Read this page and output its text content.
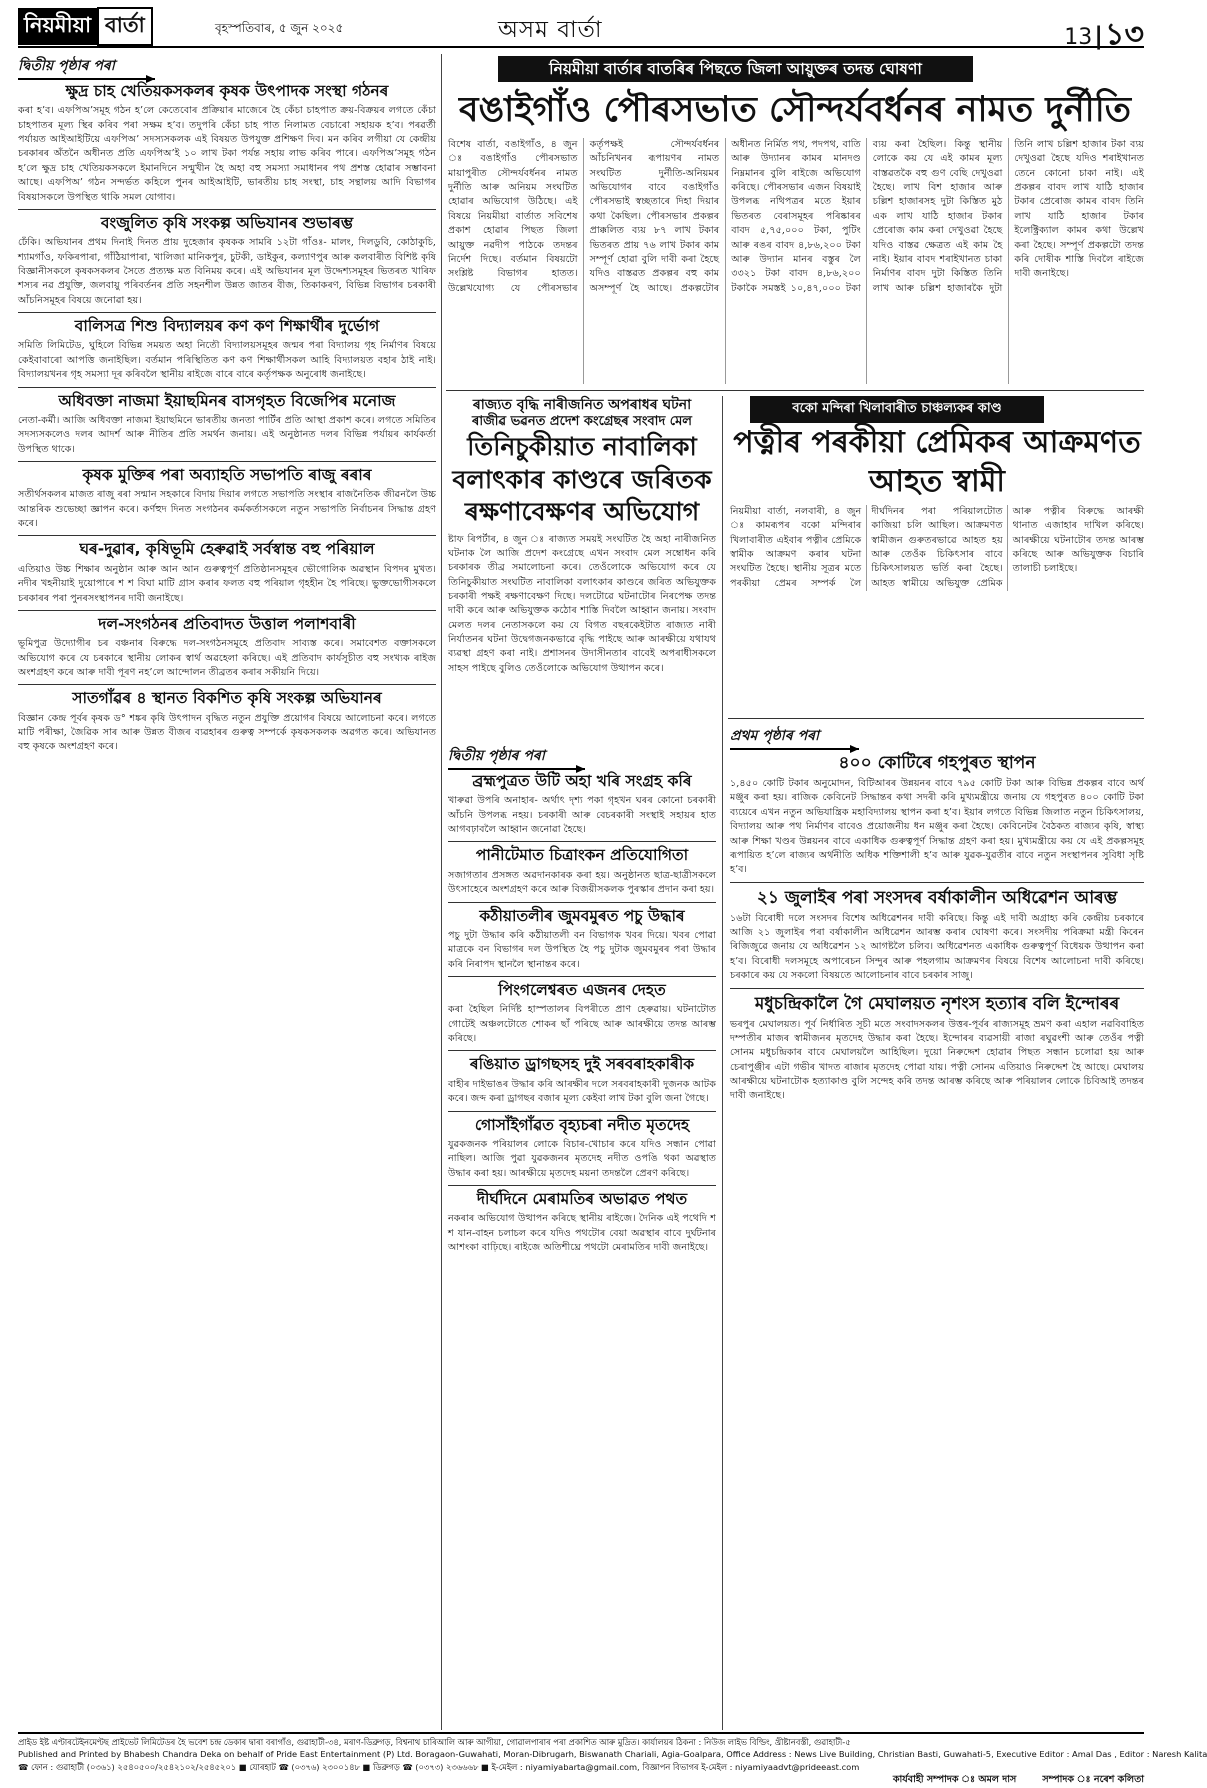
নিয়মীয়া বাৰ্তা	বৃহস্পতিবাৰ, ৫ জুন ২০২৫	অসম বাৰ্তা	13|১৩
দ্বিতীয় পৃষ্ঠাৰ পৰা
ক্ষুদ্ৰ চাহ খেতিয়কসকলৰ কৃষক উৎপাদক সংস্থা গঠনৰ
কৰা হ’ব। এফপিঅ’সমূহ গঠন হ’লে কেতেবোৰ প্ৰক্ৰিয়াৰ মাজেৰে হৈ কেঁচা চাহপাত ক্ৰয়-বিক্ৰয়ৰ লগতে কেঁচা চাহপাতৰ মূল্য স্থিৰ কৰিব পৰা সক্ষম হ’ব। তদুপৰি কেঁচা চাহ পাত নিলামত বেচাৰো সহায়ক হ’ব। পৰৱৰ্তী পৰ্যায়ত আইআইটিয়ে এফপিঅ’ সদস্যসকলক এই বিষয়ত উপযুক্ত প্ৰশিক্ষণ দিব। মন কৰিব লগীয়া যে কেন্দ্ৰীয় চৰকাৰৰ অঁতনৈ অধীনত প্ৰতি এফপিঅ’ই ১০ লাখ টকা পৰ্যন্ত সহায় লাভ কৰিব পাৰে। এফপিঅ’সমূহ গঠন হ’লে ক্ষুদ্ৰ চাহ খেতিয়কসকলে ইমানদিনে সন্মুখীন হৈ অহা বহু সমস্যা সমাধানৰ পথ প্ৰশস্ত হোৱাৰ সম্ভাবনা আছে। এফপিঅ’ গঠন সন্দৰ্ভত কহিলে পুনৰ আইআইটি, ভাৰতীয় চাহ সংস্থা, চাহ সন্থালয় আদি বিভাগৰ বিষয়াসকলে উপস্থিত থাকি সমল যোগাব।
বংজুলিত কৃষি সংকল্প অভিযানৰ শুভাৰম্ভ
ঢেঁকি। অভিযানৰ প্ৰথম দিনাই দিনত প্ৰায় দুহেজাৰ কৃষকক সামৰি ১২টা গাঁওঃ- মালং, দিলডুবি, কোঠাকুচি, শ্যামগাঁও, ফকিৰপাৰা, গাঁঠিয়াপাৰা, খালিজা মানিকপুৰ, চুটকী, ডাইকুৰ, কল্যাণপুৰ আৰু কলবাৰীত বিশিষ্ট কৃষি বিজ্ঞানীসকলে কৃষকসকলৰ সৈতে প্ৰত্যক্ষ মত বিনিময় কৰে। এই অভিযানৰ মূল উদ্দেশ্যসমূহৰ ভিতৰত খাৰিফ শস্যৰ নৱ প্ৰযুক্তি, জলবায়ু পৰিবৰ্তনৰ প্ৰতি সহনশীল উন্নত জাতৰ বীজ, তিকাকৰণ, বিভিন্ন বিভাগৰ চৰকাৰী আঁচনিসমূহৰ বিষয়ে জনোৱা হয়।
বালিসত্ৰ শিশু বিদ্যালয়ৰ কণ কণ শিক্ষাৰ্থীৰ দুৰ্ভোগ
সমিতি লিমিটেড, ঘুহিলে বিভিন্ন সময়ত অহা নিতৌ বিদ্যালয়সমূহৰ জন্মৰ পৰা বিদ্যালয় গৃহ নিৰ্মাণৰ বিষয়ে কেইবাবাৰো আপত্তি জনাইছিল। বৰ্তমান পৰিস্থিতিত কণ কণ শিক্ষাৰ্থীসকল আহি বিদ্যালয়ত বহাৰ ঠাই নাই। বিদ্যালয়খনৰ গৃহ সমস্যা দূৰ কৰিবলৈ স্থানীয় ৰাইজে বাৰে বাৰে কৰ্তৃপক্ষক অনুৰোধ জনাইছে।
অধিবক্তা নাজমা ইয়াছমিনৰ বাসগৃহত বিজেপিৰ মনোজ
নেতা-কৰ্মী। আজি অধিবক্তা নাজমা ইয়াছমিনে ভাৰতীয় জনতা পাৰ্টিৰ প্ৰতি আস্থা প্ৰকাশ কৰে। লগতে সমিতিৰ সদস্যসকলেও দলৰ আদৰ্শ আৰু নীতিৰ প্ৰতি সমৰ্থন জনায়। এই অনুষ্ঠানত দলৰ বিভিন্ন পৰ্যায়ৰ কাৰ্যকৰ্তা উপস্থিত থাকে।
কৃষক মুক্তিৰ পৰা অব্যাহতি সভাপতি ৰাজু ৰৰাৰ
সতীৰ্থসকলৰ মাজত ৰাজু ৰৰা সন্মান সহকাৰে বিদায় দিয়াৰ লগতে সভাপতি সংস্থাৰ ৰাজনৈতিক জীৱনলৈ উচ্চ আন্তৰিক শুভেচ্ছা জ্ঞাপন কৰে। কৰ্ণহুদ দিনত সংগঠনৰ কৰ্মকৰ্তাসকলে নতুন সভাপতি নিৰ্বাচনৰ সিদ্ধান্ত গ্ৰহণ কৰে।
ঘৰ-দুৱাৰ, কৃষিভূমি হেৰুৱাই সৰ্বস্বান্ত বহু পৰিয়াল
এতিয়াও উচ্চ শিক্ষাৰ অনুষ্ঠান আৰু আন আন গুৰুত্বপূৰ্ণ প্ৰতিষ্ঠানসমূহৰ ভৌগোলিক অৱস্থান বিপদৰ মুখত। নদীৰ খহনীয়াই দুয়োপাৰে শ শ বিঘা মাটি গ্ৰাস কৰাৰ ফলত বহু পৰিয়াল গৃহহীন হৈ পৰিছে। ভুক্তভোগীসকলে চৰকাৰৰ পৰা পুনৰসংস্থাপনৰ দাবী জনাইছে।
দল-সংগঠনৰ প্ৰতিবাদত উত্তাল পলাশবাৰী
ভূমিপুত্ৰ উদ্যোগীৰ চৰ বঞ্চনাৰ বিৰুদ্ধে দল-সংগঠনসমূহে প্ৰতিবাদ সাব্যস্ত কৰে। সমাবেশত বক্তাসকলে অভিযোগ কৰে যে চৰকাৰে স্থানীয় লোকৰ স্বাৰ্থ অৱহেলা কৰিছে। এই প্ৰতিবাদ কাৰ্যসূচীত বহু সংখ্যক ৰাইজ অংশগ্ৰহণ কৰে আৰু দাবী পূৰণ নহ’লে আন্দোলন তীব্ৰতৰ কৰাৰ সকীয়নি দিয়ে।
সাতগাঁৱৰ ৪ স্থানত বিকশিত কৃষি সংকল্প অভিযানৰ
বিজ্ঞান কেন্দ্ৰ পূৰ্বৰ কৃষক ড° শঙ্কৰ কৃষি উৎপাদন বৃদ্ধিত নতুন প্ৰযুক্তি প্ৰয়োগৰ বিষয়ে আলোচনা কৰে। লগতে মাটি পৰীক্ষা, জৈৱিক সাৰ আৰু উন্নত বীজৰ ব্যৱহাৰৰ গুৰুত্ব সম্পৰ্কে কৃষকসকলক অৱগত কৰে। অভিযানত বহু কৃষকে অংশগ্ৰহণ কৰে।
নিয়মীয়া বাৰ্তাৰ বাতৰিৰ পিছতে জিলা আয়ুক্তৰ তদন্ত ঘোষণা
বঙাইগাঁও পৌৰসভাত সৌন্দৰ্যবৰ্ধনৰ নামত দুৰ্নীতি
বিশেষ বাৰ্তা, বঙাইগাঁও, ৪ জুন ঃ বঙাইগাঁও পৌৰসভাত মায়াপুৰীত সৌন্দৰ্যবৰ্ধনৰ নামত দুৰ্নীতি আৰু অনিয়ম সংঘটিত হোৱাৰ অভিযোগ উঠিছে। এই বিষয়ে নিয়মীয়া বাৰ্তাত সবিশেষ প্ৰকাশ হোৱাৰ পিছত জিলা আয়ুক্ত নৱদীপ পাঠকে তদন্তৰ নিৰ্দেশ দিছে। বৰ্তমান বিষয়টো সংশ্লিষ্ট বিভাগৰ হাতত। উল্লেখযোগ্য যে পৌৰসভাৰ কৰ্তৃপক্ষই সৌন্দৰ্যবৰ্ধনৰ আঁচনিখনৰ ৰূপায়ণৰ নামত সংঘটিত দুৰ্নীতি-অনিয়মৰ অভিযোগৰ বাবে বঙাইগাঁও পৌৰসভাই স্বচ্ছতাৰে দিহা দিয়াৰ কথা কৈছিল। পৌৰসভাৰ প্ৰকল্পৰ প্ৰাক্কলিত ব্যয় ৮৭ লাখ টকাৰ ভিতৰত প্ৰায় ৭৬ লাখ টকাৰ কাম সম্পূৰ্ণ হোৱা বুলি দাবী কৰা হৈছে যদিও বাস্তৱত প্ৰকল্পৰ বহু কাম অসম্পূৰ্ণ হৈ আছে। প্ৰকল্পটোৰ অধীনত নিৰ্মিত পথ, পদপথ, বাতি আৰু উদ্যানৰ কামৰ মানদণ্ড নিম্নমানৰ বুলি ৰাইজে অভিযোগ কৰিছে। পৌৰসভাৰ এজন বিষয়াই উপলব্ধ নথিপত্ৰৰ মতে ইয়াৰ ভিতৰত বেৰাসমূহৰ পৰিষ্কাৰৰ বাবদ ৫,৭৫,০০০ টকা, পুটিং আৰু ৰঙৰ বাবদ ৪,৮৬,২০০ টকা আৰু উদ্যান মানৰ বস্তুৰ লৈ ৩৩২১ টকা বাবদ ৪,৮৬,২০০ টকাকৈ সমস্তই ১০,৪৭,০০০ টকা ব্যয় কৰা হৈছিল। কিন্তু স্থানীয় লোকে কয় যে এই কামৰ মূল্য বাস্তৱতকৈ বহু গুণ বেছি দেখুওৱা হৈছে। লাখ বিশ হাজাৰ আৰু চল্লিশ হাজাৰসহ দুটা কিস্তিত মুঠ এক লাখ যাঠি হাজাৰ টকাৰ প্ৰেৰোজ কাম কৰা দেখুওৱা হৈছে যদিও বাস্তৱ ক্ষেত্ৰত এই কাম হৈ নাই। ইয়াৰ বাবদ শৰাইখানত চাকা নিৰ্মাণৰ বাবদ দুটা কিস্তিত তিনি লাখ আৰু চল্লিশ হাজাৰকৈ দুটা তিনি লাখ চল্লিশ হাজাৰ টকা ব্যয় দেখুওৱা হৈছে যদিও শৰাইখানত তেনে কোনো চাকা নাই। এই প্ৰকল্পৰ বাবদ লাখ যাঠি হাজাৰ টকাৰ প্ৰেৰোজ কামৰ বাবদ তিনি লাখ যাঠি হাজাৰ টকাৰ ইলেক্ট্ৰিক্যাল কামৰ কথা উল্লেখ কৰা হৈছে। সম্পূৰ্ণ প্ৰকল্পটো তদন্ত কৰি দোষীক শাস্তি দিবলৈ ৰাইজে দাবী জনাইছে।
ৰাজ্যত বৃদ্ধি নাৰীজনিত অপৰাধৰ ঘটনা
ৰাজীৱ ভৱনত প্ৰদেশ কংগ্ৰেছৰ সংবাদ মেল
তিনিচুকীয়াত নাবালিকা বলাৎকাৰ কাণ্ডৰে জৰিতক ৰক্ষণাবেক্ষণৰ অভিযোগ
ষ্টাফ ৰিপৰ্টাৰ, ৪ জুন ঃ ৰাজ্যত সময়ই সংঘটিত হৈ অহা নাৰীজনিত ঘটনাক লৈ আজি প্ৰদেশ কংগ্ৰেছে এখন সংবাদ মেল সম্বোধন কৰি চৰকাৰক তীব্ৰ সমালোচনা কৰে। তেওঁলোকে অভিযোগ কৰে যে তিনিচুকীয়াত সংঘটিত নাবালিকা বলাৎকাৰ কাণ্ডৰে জৰিত অভিযুক্তক চৰকাৰী পক্ষই ৰক্ষণাবেক্ষণ দিছে। দলটোৱে ঘটনাটোৰ নিৰপেক্ষ তদন্ত দাবী কৰে আৰু অভিযুক্তক কঠোৰ শাস্তি দিবলৈ আহ্বান জনায়। সংবাদ মেলত দলৰ নেতাসকলে কয় যে বিগত বছৰকেইটাত ৰাজ্যত নাৰী নিৰ্যাতনৰ ঘটনা উদ্বেগজনকভাৱে বৃদ্ধি পাইছে আৰু আৰক্ষীয়ে যথাযথ ব্যৱস্থা গ্ৰহণ কৰা নাই। প্ৰশাসনৰ উদাসীনতাৰ বাবেই অপৰাধীসকলে সাহস পাইছে বুলিও তেওঁলোকে অভিযোগ উত্থাপন কৰে।
দ্বিতীয় পৃষ্ঠাৰ পৰা
ব্ৰহ্মপুত্ৰত উটি অহা খৰি সংগ্ৰহ কৰি
খাৰুৱা উপৰি অনাহাৰ- অৰ্থাৎ দৃশ্য পকা গৃহখন ঘৰৰ কোনো চৰকাৰী আঁচনি উপলব্ধ নহয়। চৰকাৰী আৰু বেচৰকাৰী সংস্থাই সহায়ৰ হাত আগবঢ়াবলৈ আহ্বান জনোৱা হৈছে।
পানীটেমাত চিত্ৰাংকন প্ৰতিযোগিতা
সজাগতাৰ প্ৰসঙ্গত অৱদানকাৰক কৰা হয়। অনুষ্ঠানত ছাত্ৰ-ছাত্ৰীসকলে উৎসাহেৰে অংশগ্ৰহণ কৰে আৰু বিজয়ীসকলক পুৰস্কাৰ প্ৰদান কৰা হয়।
কঠীয়াতলীৰ জুমবমুৰত পচু উদ্ধাৰ
পচু দুটা উদ্ধাৰ কৰি কঠীয়াতলী বন বিভাগক খবৰ দিয়ে। খবৰ পোৱা মাত্ৰকে বন বিভাগৰ দল উপস্থিত হৈ পচু দুটাক জুমবমুৰৰ পৰা উদ্ধাৰ কৰি নিৰাপদ স্থানলৈ স্থানান্তৰ কৰে।
পিংগলেশ্বৰত এজনৰ দেহত
কৰা হৈছিল নিৰ্দিষ্ট হাস্পতালৰ বিপৰীতে প্ৰাণ হেৰুৱায়। ঘটনাটোত গোটেই অঞ্চলটোতে শোকৰ ছাঁ পৰিছে আৰু আৰক্ষীয়ে তদন্ত আৰম্ভ কৰিছে।
ৰঙিয়াত ড্ৰাগছসহ দুই সৰবৰাহকাৰীক
বাহীৰ দাইভাঙৰ উদ্ধাৰ কৰি আৰক্ষীৰ দলে সৰবৰাহকাৰী দুজনক আটক কৰে। জব্দ কৰা ড্ৰাগছৰ বজাৰ মূল্য কেইবা লাখ টকা বুলি জনা গৈছে।
গোসাঁইগাঁৱত বৃহ্যচৰা নদীত মৃতদেহ
যুৱকজনক পৰিয়ালৰ লোকে বিচাৰ-খোচাৰ কৰে যদিও সন্ধান পোৱা নাছিল। আজি পুৱা যুৱকজনৰ মৃতদেহ নদীত ওপঙি থকা অৱস্থাত উদ্ধাৰ কৰা হয়। আৰক্ষীয়ে মৃতদেহ ময়না তদন্তলৈ প্ৰেৰণ কৰিছে।
দীৰ্ঘদিনে মেৰামতিৰ অভাৱত পথত
নকৰাৰ অভিযোগ উত্থাপন কৰিছে স্থানীয় ৰাইজে। দৈনিক এই পথেদি শ শ যান-বাহন চলাচল কৰে যদিও পথটোৰ বেয়া অৱস্থাৰ বাবে দুৰ্ঘটনাৰ আশংকা বাঢ়িছে। ৰাইজে অতিশীঘ্ৰে পথটো মেৰামতিৰ দাবী জনাইছে।
বকো মন্দিৰা খিলাবাৰীত চাঞ্চল্যকৰ কাণ্ড
পত্নীৰ পৰকীয়া প্ৰেমিকৰ আক্ৰমণত আহত স্বামী
নিয়মীয়া বাৰ্তা, নলবাৰী, ৪ জুন ঃ কামৰূপৰ বকো মন্দিৰাৰ খিলাবাৰীত এইবাৰ পত্নীৰ প্ৰেমিকে স্বামীক আক্ৰমণ কৰাৰ ঘটনা সংঘটিত হৈছে। স্থানীয় সূত্ৰৰ মতে পৰকীয়া প্ৰেমৰ সম্পৰ্ক লৈ দীৰ্ঘদিনৰ পৰা পৰিয়ালটোত কাজিয়া চলি আছিল। আক্ৰমণত স্বামীজন গুৰুতৰভাৱে আহত হয় আৰু তেওঁক চিকিৎসাৰ বাবে চিকিৎসালয়ত ভৰ্তি কৰা হৈছে। আহত স্বামীয়ে অভিযুক্ত প্ৰেমিক আৰু পত্নীৰ বিৰুদ্ধে আৰক্ষী থানাত এজাহাৰ দাখিল কৰিছে। আৰক্ষীয়ে ঘটনাটোৰ তদন্ত আৰম্ভ কৰিছে আৰু অভিযুক্তক বিচাৰি তালাচী চলাইছে।
প্ৰথম পৃষ্ঠাৰ পৰা
৪০০ কোটিৰে গহপুৰত স্থাপন
১,৪৫০ কোটি টকাৰ অনুমোদন, বিটিআৰৰ উন্নয়নৰ বাবে ৭৯৫ কোটি টকা আৰু বিভিন্ন প্ৰকল্পৰ বাবে অৰ্থ মঞ্জুৰ কৰা হয়। ৰাজিক কেবিনেট সিদ্ধান্তৰ কথা সদৰী কৰি মুখ্যমন্ত্ৰীয়ে জনায় যে গহপুৰত ৪০০ কোটি টকা ব্যয়েৰে এখন নতুন অভিযান্ত্ৰিক মহাবিদ্যালয় স্থাপন কৰা হ’ব। ইয়াৰ লগতে বিভিন্ন জিলাত নতুন চিকিৎসালয়, বিদ্যালয় আৰু পথ নিৰ্মাণৰ বাবেও প্ৰয়োজনীয় ধন মঞ্জুৰ কৰা হৈছে। কেবিনেটৰ বৈঠকত ৰাজ্যৰ কৃষি, স্বাস্থ্য আৰু শিক্ষা খণ্ডৰ উন্নয়নৰ বাবে একাধিক গুৰুত্বপূৰ্ণ সিদ্ধান্ত গ্ৰহণ কৰা হয়। মুখ্যমন্ত্ৰীয়ে কয় যে এই প্ৰকল্পসমূহ ৰূপায়িত হ’লে ৰাজ্যৰ অৰ্থনীতি অধিক শক্তিশালী হ’ব আৰু যুৱক-যুৱতীৰ বাবে নতুন সংস্থাপনৰ সুবিধা সৃষ্টি হ’ব।
২১ জুলাইৰ পৰা সংসদৰ বৰ্ষাকালীন অধিৱেশন আৰম্ভ
১৬টা বিৰোধী দলে সংসদৰ বিশেষ অধিৱেশনৰ দাবী কৰিছে। কিন্তু এই দাবী অগ্ৰাহ্য কৰি কেন্দ্ৰীয় চৰকাৰে আজি ২১ জুলাইৰ পৰা বৰ্ষাকালীন অধিৱেশন আৰম্ভ কৰাৰ ঘোষণা কৰে। সংসদীয় পৰিক্ৰমা মন্ত্ৰী কিৰেন ৰিজিজুৱে জনায় যে অধিৱেশন ১২ আগষ্টলৈ চলিব। অধিৱেশনত একাধিক গুৰুত্বপূৰ্ণ বিধেয়ক উত্থাপন কৰা হ’ব। বিৰোধী দলসমূহে অপাৰেচন সিন্দুৰ আৰু পহলগাম আক্ৰমণৰ বিষয়ে বিশেষ আলোচনা দাবী কৰিছে। চৰকাৰে কয় যে সকলো বিষয়তে আলোচনাৰ বাবে চৰকাৰ সাজু।
মধুচন্দ্ৰিকালৈ গৈ মেঘালয়ত নৃশংস হত্যাৰ বলি ইন্দোৰৰ
ভৰপুৰ মেঘালয়ত। পূৰ্ব নিৰ্ধাৰিত সূচী মতে সংবাদসকলৰ উত্তৰ-পূৰ্বৰ ৰাজ্যসমূহ ভ্ৰমণ কৰা এহাল নৱবিবাহিত দম্পতীৰ মাজৰ স্বামীজনৰ মৃতদেহ উদ্ধাৰ কৰা হৈছে। ইন্দোৰৰ ব্যৱসায়ী ৰাজা ৰঘুৱংশী আৰু তেওঁৰ পত্নী সোনম মধুচন্দ্ৰিকাৰ বাবে মেঘালয়লৈ আহিছিল। দুয়ো নিৰুদ্দেশ হোৱাৰ পিছত সন্ধান চলোৱা হয় আৰু চেৰাপুঞ্জীৰ এটা গভীৰ খাদত ৰাজাৰ মৃতদেহ পোৱা যায়। পত্নী সোনম এতিয়াও নিৰুদ্দেশ হৈ আছে। মেঘালয় আৰক্ষীয়ে ঘটনাটোক হত্যাকাণ্ড বুলি সন্দেহ কৰি তদন্ত আৰম্ভ কৰিছে আৰু পৰিয়ালৰ লোকে চিবিআই তদন্তৰ দাবী জনাইছে।
প্ৰাইড ইষ্ট এণ্টাৰটেইনমেণ্টছ প্ৰাইভেট লিমিটেডৰ হৈ ভবেশ চন্দ্ৰ ডেকাৰ দ্বাৰা বৰাগাঁও, গুৱাহাটী-৩৪, মৰাণ-ডিব্ৰুগড়, বিশ্বনাথ চাৰিআলি আৰু আগীয়া, গোৱালপাৰাৰ পৰা প্ৰকাশিত আৰু মুদ্ৰিত। কাৰ্যালয়ৰ ঠিকনা : নিউজ লাইভ বিল্ডিং, খ্ৰীষ্টানবস্তী, গুৱাহাটী-৫
Published and Printed by Bhabesh Chandra Deka on behalf of Pride East Entertainment (P) Ltd. Boragaon-Guwahati, Moran-Dibrugarh, Biswanath Chariali, Agia-Goalpara, Office Address : News Live Building, Christian Basti, Guwahati-5, Executive Editor : Amal Das , Editor : Naresh Kalita
☎ ফোন : গুৱাহাটী (০৩৬১) ২৫৪০৫০০/২৫৪২১০২/২৫৪৫২০১ ■ যোৰহাট ☎ (০৩৭৬) ২৩০০১৪৮ ■ ডিব্ৰুগড় ☎ (০৩৭৩) ২৩৬৬৬৮ ■ ই-মেইল : niyamiyabarta@gmail.com, বিজ্ঞাপন বিভাগৰ ই-মেইল : niyamiyaadvt@prideeast.com
কাৰ্যবাহী সম্পাদক ঃ অমল দাস	সম্পাদক ঃ নৰেশ কলিতা
